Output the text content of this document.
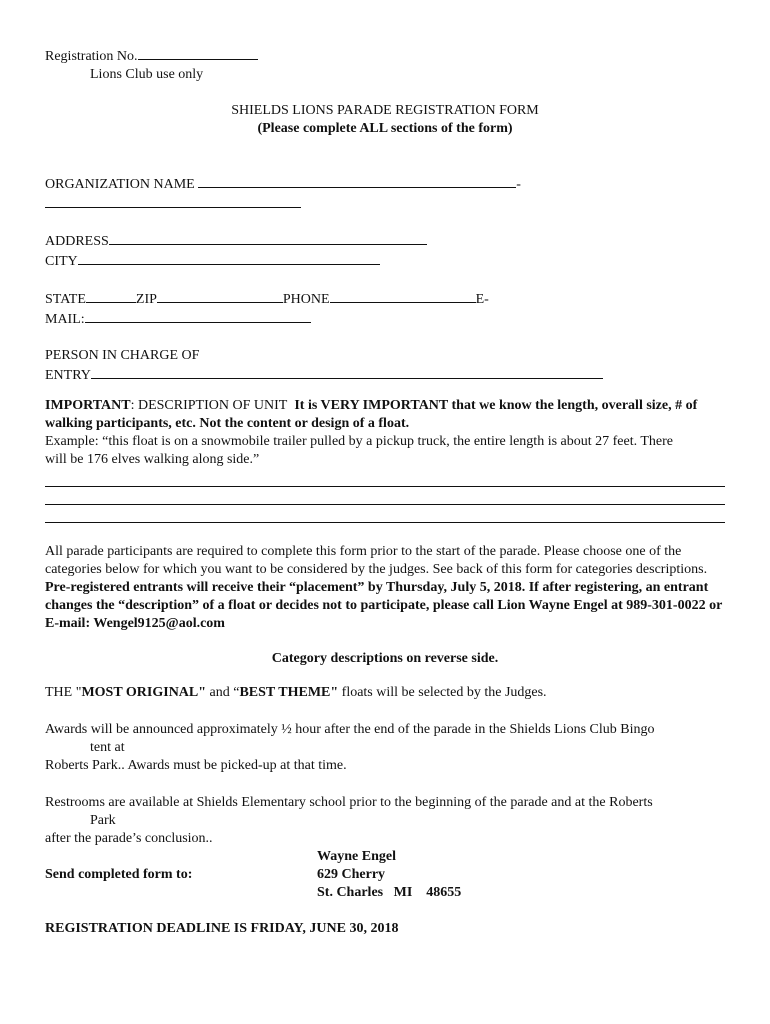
Registration No.
Lions Club use only
SHIELDS LIONS PARADE REGISTRATION FORM
(Please complete ALL sections of the form)
ORGANIZATION NAME	-
ADDRESS
CITY
STATE	ZIP	PHONE	E-
MAIL:
PERSON IN CHARGE OF
ENTRY
IMPORTANT: DESCRIPTION OF UNIT It is VERY IMPORTANT that we know the length, overall size, # of walking participants, etc. Not the content or design of a float.
Example: “this float is on a snowmobile trailer pulled by a pickup truck, the entire length is about 27 feet. There will be 176 elves walking along side.”
All parade participants are required to complete this form prior to the start of the parade. Please choose one of the categories below for which you want to be considered by the judges. See back of this form for categories descriptions.
Pre-registered entrants will receive their “placement” by Thursday, July 5, 2018. If after registering, an entrant changes the “description” of a float or decides not to participate, please call Lion Wayne Engel at 989-301-0022 or E-mail: Wengel9125@aol.com
Category descriptions on reverse side.
THE "MOST ORIGINAL" and “BEST THEME" floats will be selected by the Judges.
Awards will be announced approximately ½ hour after the end of the parade in the Shields Lions Club Bingo
tent at
Roberts Park.. Awards must be picked-up at that time.
Restrooms are available at Shields Elementary school prior to the beginning of the parade and at the Roberts
Park
after the parade’s conclusion..
Send completed form to:
Wayne Engel
629 Cherry
St. Charles   MI    48655
REGISTRATION DEADLINE IS FRIDAY, JUNE 30, 2018
